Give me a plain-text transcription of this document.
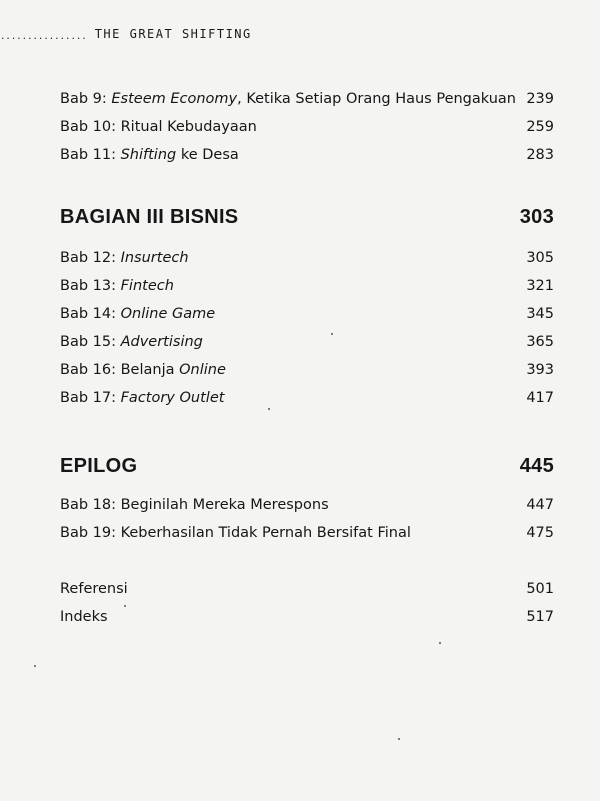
................ THE GREAT SHIFTING
Bab 9: Esteem Economy, Ketika Setiap Orang Haus Pengakuan 239
Bab 10: Ritual Kebudayaan	259
Bab 11: Shifting ke Desa	283
BAGIAN III BISNIS	303
Bab 12: Insurtech	305
Bab 13: Fintech	321
Bab 14: Online Game	345
Bab 15: Advertising	365
Bab 16: Belanja Online	393
Bab 17: Factory Outlet	417
EPILOG	445
Bab 18: Beginilah Mereka Merespons	447
Bab 19: Keberhasilan Tidak Pernah Bersifat Final	475
Referensi	501
Indeks	517
